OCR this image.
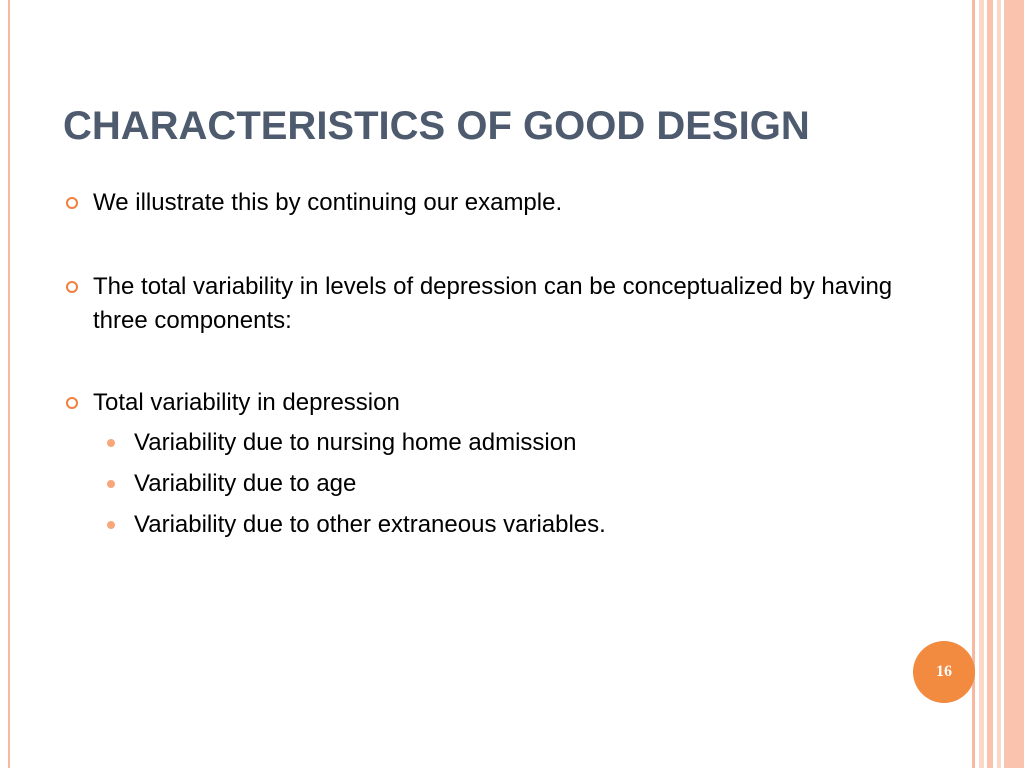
CHARACTERISTICS OF GOOD DESIGN
We illustrate this by continuing our example.
The total variability in levels of depression can be conceptualized by having three components:
Total variability in depression
Variability due to nursing home admission
Variability due to age
Variability due to other extraneous variables.
16
